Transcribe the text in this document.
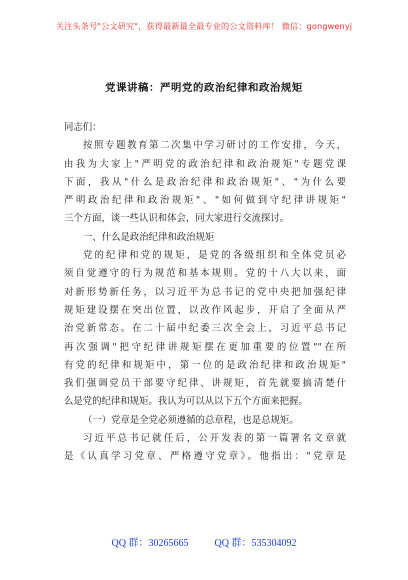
关注头条号"公文研究"，获得最新最全最专业的公文资料库！ 微信：gongwenyj
党课讲稿：严明党的政治纪律和政治规矩
同志们：
按照专题教育第二次集中学习研讨的工作安排，今天，
由我为大家上"严明党的政治纪律和政治规矩"专题党课
下面，我从"什么是政治纪律和政治规矩"、"为什么要
严明政治纪律和政治规矩"、"如何做到守纪律讲规矩"
三个方面，谈一些认识和体会，同大家进行交流探讨。
一、什么是政治纪律和政治规矩
党的纪律和党的规矩，是党的各级组织和全体党员必
须自觉遵守的行为规范和基本规则。党的十八大以来，面
对新形势新任务，以习近平为总书记的党中央把加强纪律
规矩建设摆在突出位置，以改作风起步，开启了全面从严
治党新常态。在二十届中纪委三次全会上，习近平总书记
再次强调"把守纪律讲规矩摆在更加重要的位置""在所
有党的纪律和规矩中，第一位的是政治纪律和政治规矩"
我们强调党员干部要守纪律、讲规矩，首先就要搞清楚什
么是党的纪律和规矩。我认为可以从以下五个方面来把握。
（一）党章是全党必须遵循的总章程，也是总规矩。
习近平总书记就任后，公开发表的第一篇署名文章就
是《认真学习党章、严格遵守党章》。他指出："党章是
QQ 群：30265665	QQ 群：535304092
